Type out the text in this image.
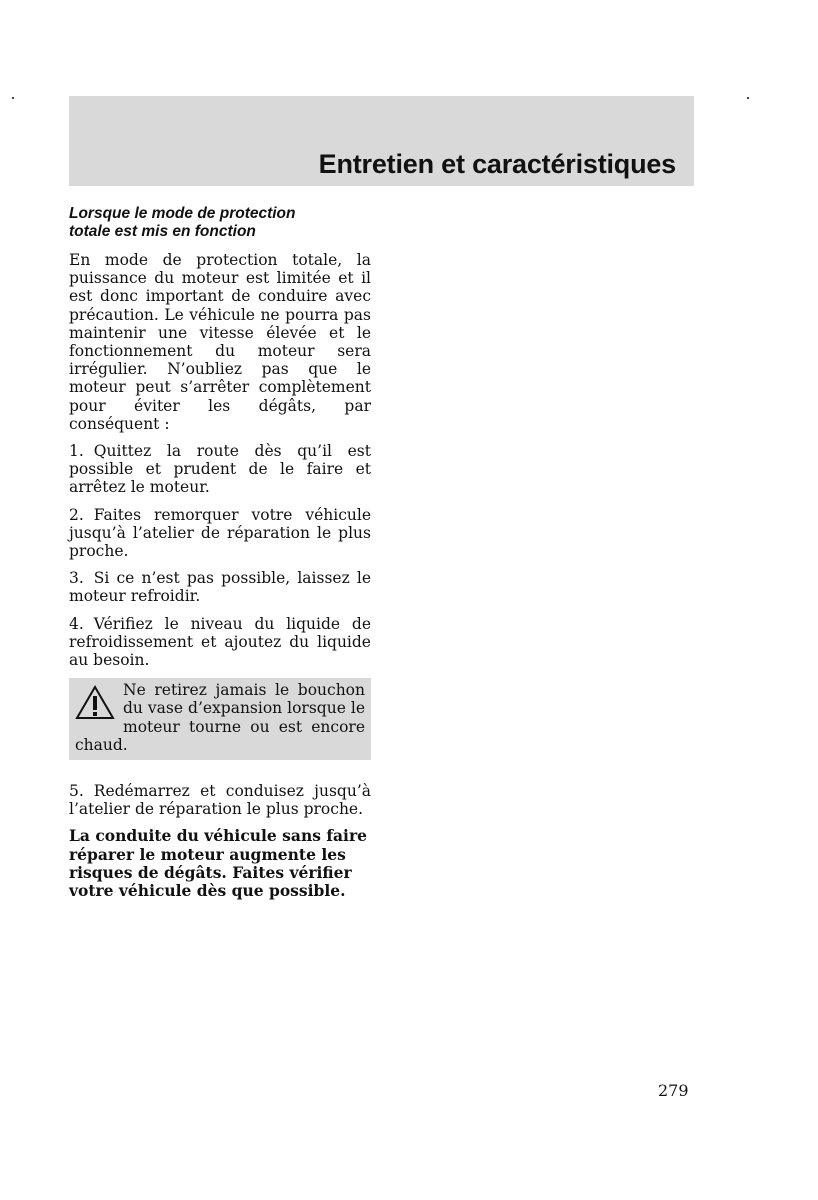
Entretien et caractéristiques
Lorsque le mode de protection
totale est mis en fonction

En mode de protection totale, la puissance du moteur est limitée et il est donc important de conduire avec précaution. Le véhicule ne pourra pas maintenir une vitesse élevée et le fonctionnement du moteur sera irrégulier. N’oubliez pas que le moteur peut s’arrêter complètement pour éviter les dégâts, par conséquent :

1. Quittez la route dès qu’il est possible et prudent de le faire et arrêtez le moteur.

2. Faites remorquer votre véhicule jusqu’à l’atelier de réparation le plus proche.

3. Si ce n’est pas possible, laissez le moteur refroidir.

4. Vérifiez le niveau du liquide de refroidissement et ajoutez du liquide au besoin.

Ne retirez jamais le bouchon du vase d’expansion lorsque le moteur tourne ou est encore chaud.

5. Redémarrez et conduisez jusqu’à l’atelier de réparation le plus proche.

La conduite du véhicule sans faire réparer le moteur augmente les risques de dégâts. Faites vérifier votre véhicule dès que possible.

279
